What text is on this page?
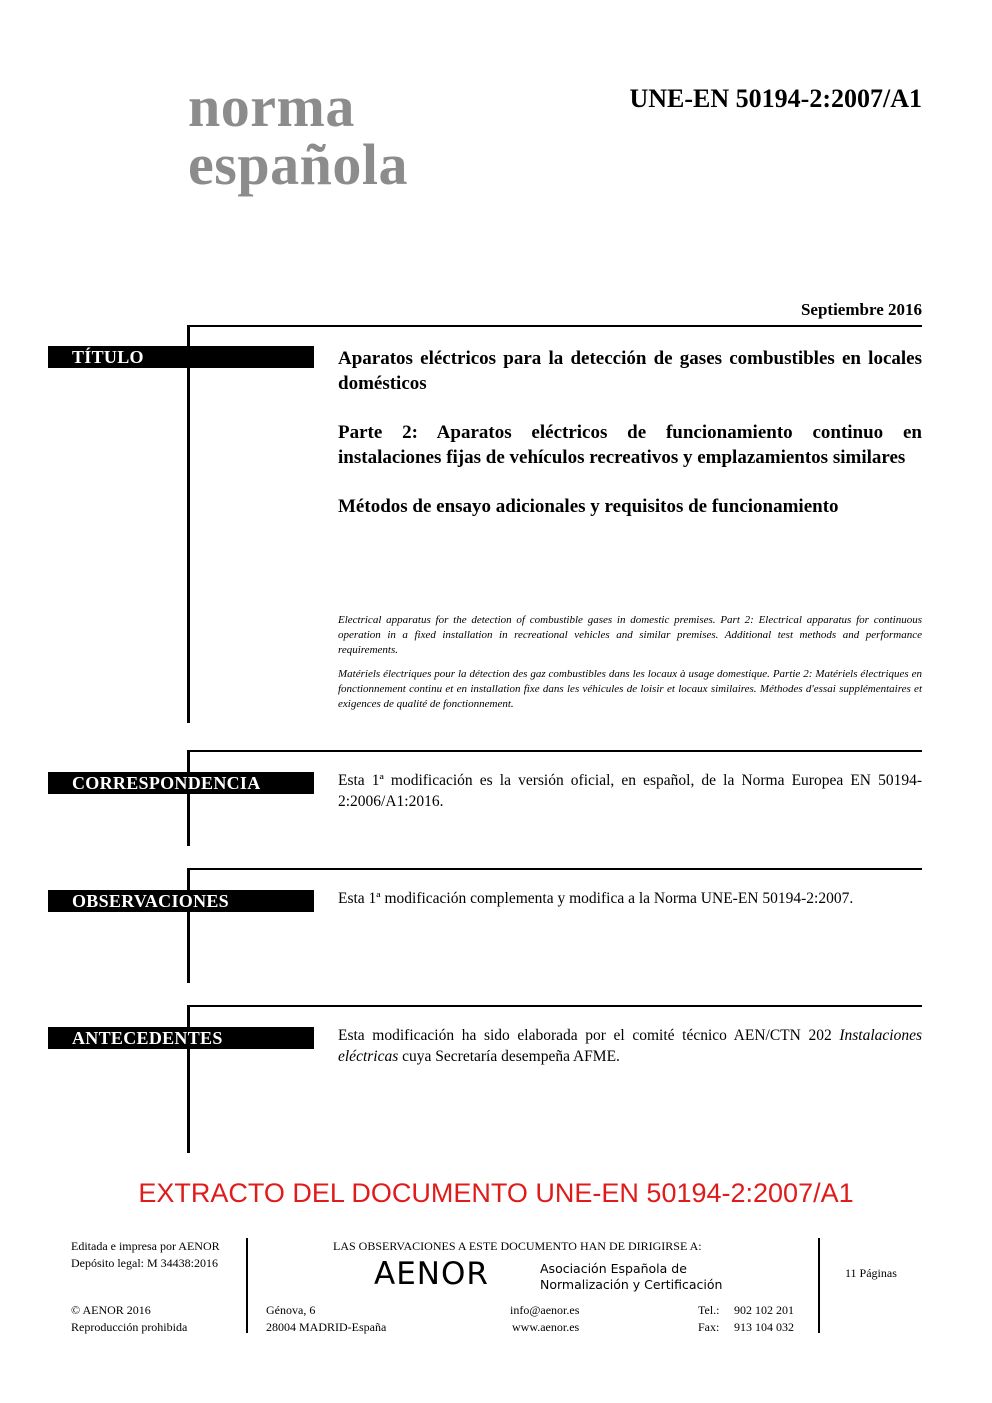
norma
española
UNE-EN 50194-2:2007/A1
Septiembre 2016
TÍTULO	Aparatos eléctricos para la detección de gases combustibles en locales domésticos

Parte 2: Aparatos eléctricos de funcionamiento continuo en instalaciones fijas de vehículos recreativos y emplazamientos similares

Métodos de ensayo adicionales y requisitos de funcionamiento

Electrical apparatus for the detection of combustible gases in domestic premises. Part 2: Electrical apparatus for continuous operation in a fixed installation in recreational vehicles and similar premises. Additional test methods and performance requirements.

Matériels électriques pour la détection des gaz combustibles dans les locaux à usage domestique. Partie 2: Matériels électriques en fonctionnement continu et en installation fixe dans les véhicules de loisir et locaux similaires. Méthodes d'essai supplémentaires et exigences de qualité de fonctionnement.

CORRESPONDENCIA	Esta 1ª modificación es la versión oficial, en español, de la Norma Europea EN 50194-2:2006/A1:2016.
OBSERVACIONES	Esta 1ª modificación complementa y modifica a la Norma UNE-EN 50194-2:2007.
ANTECEDENTES	Esta modificación ha sido elaborada por el comité técnico AEN/CTN 202 Instalaciones eléctricas cuya Secretaría desempeña AFME.
EXTRACTO DEL DOCUMENTO UNE-EN 50194-2:2007/A1
Editada e impresa por AENOR
Depósito legal: M 34438:2016
© AENOR 2016
Reproducción prohibida
LAS OBSERVACIONES A ESTE DOCUMENTO HAN DE DIRIGIRSE A:
AENOR	Asociación Española de
Normalización y Certificación
Génova, 6
28004 MADRID-España
info@aenor.es
www.aenor.es
Tel.: 902 102 201
Fax: 913 104 032
11 Páginas
